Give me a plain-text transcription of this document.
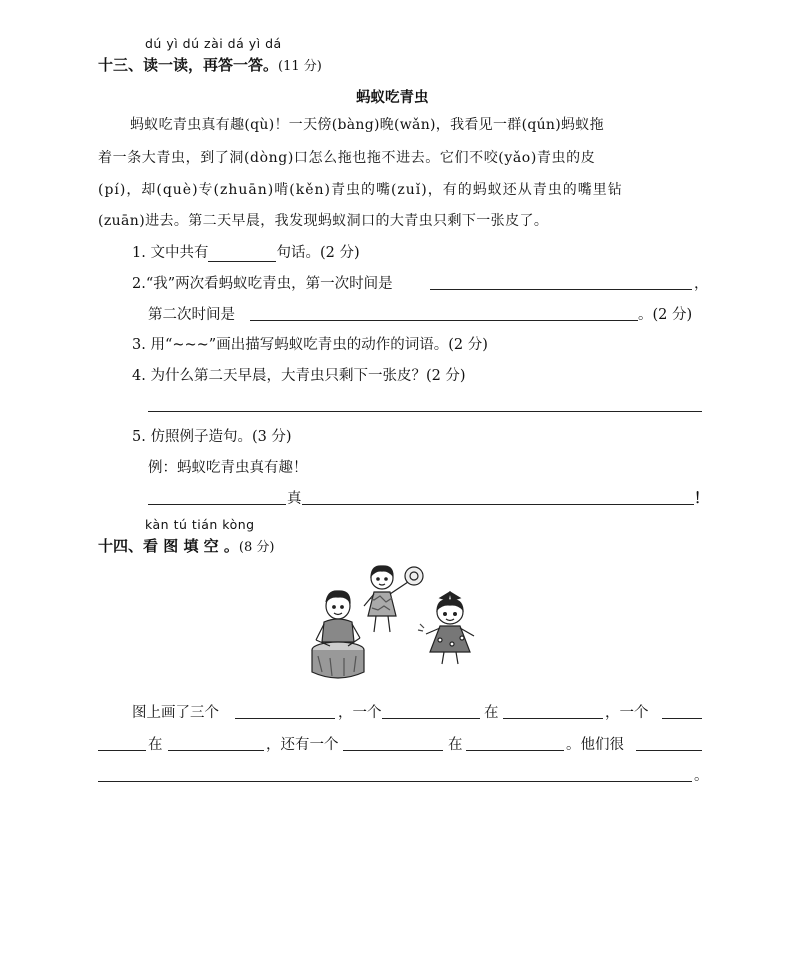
dú yì dú zài dá yì dá
十三、读一读，再答一答。(11 分)
蚂蚁吃青虫
蚂蚁吃青虫真有趣(qù)！一天傍(bàng)晚(wǎn)，我看见一群(qún)蚂蚁拖
着一条大青虫，到了洞(dòng)口怎么拖也拖不进去。它们不咬(yǎo)青虫的皮
(pí)，却(què)专(zhuān)啃(kěn)青虫的嘴(zuǐ)，有的蚂蚁还从青虫的嘴里钻
(zuān)进去。第二天早晨，我发现蚂蚁洞口的大青虫只剩下一张皮了。
1. 文中共有	句话。(2 分)
2.“我”两次看蚂蚁吃青虫，第一次时间是	，
第二次时间是	。(2 分)
3. 用“~~~”画出描写蚂蚁吃青虫的动作的词语。(2 分)
4. 为什么第二天早晨，大青虫只剩下一张皮？(2 分)
5. 仿照例子造句。(3 分)
例：蚂蚁吃青虫真有趣！
真	！
kàn tú tián kòng
十四、看 图 填 空 。(8 分)
图上画了三个	，一个	在	，一个
在	，还有一个	在	。他们很
。
